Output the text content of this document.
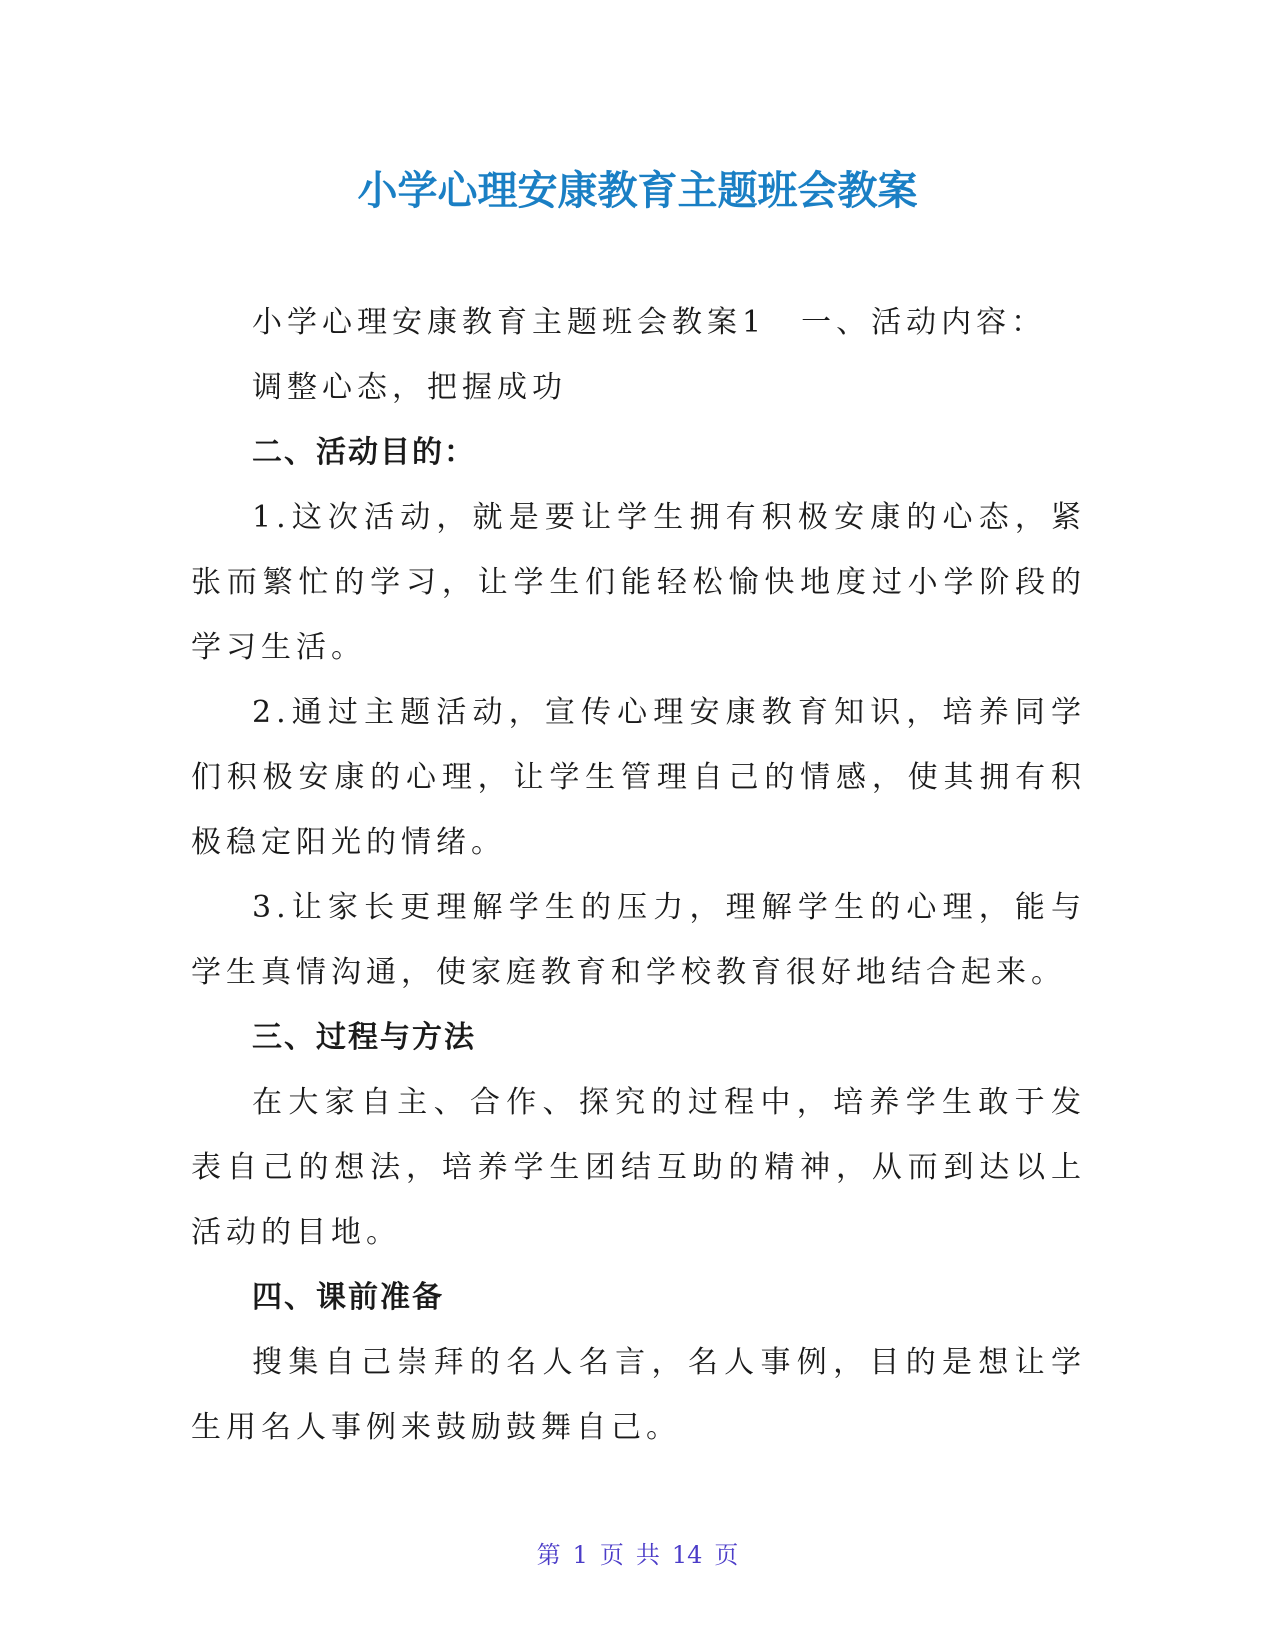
小学心理安康教育主题班会教案

小学心理安康教育主题班会教案1　一、活动内容：

调整心态，把握成功

二、活动目的：

1.这次活动，就是要让学生拥有积极安康的心态，紧张而繁忙的学习，让学生们能轻松愉快地度过小学阶段的学习生活。

2.通过主题活动，宣传心理安康教育知识，培养同学们积极安康的心理，让学生管理自己的情感，使其拥有积极稳定阳光的情绪。

3.让家长更理解学生的压力，理解学生的心理，能与学生真情沟通，使家庭教育和学校教育很好地结合起来。

三、过程与方法

在大家自主、合作、探究的过程中，培养学生敢于发表自己的想法，培养学生团结互助的精神，从而到达以上活动的目地。

四、课前准备

搜集自己崇拜的名人名言，名人事例，目的是想让学生用名人事例来鼓励鼓舞自己。

第 1 页 共 14 页
